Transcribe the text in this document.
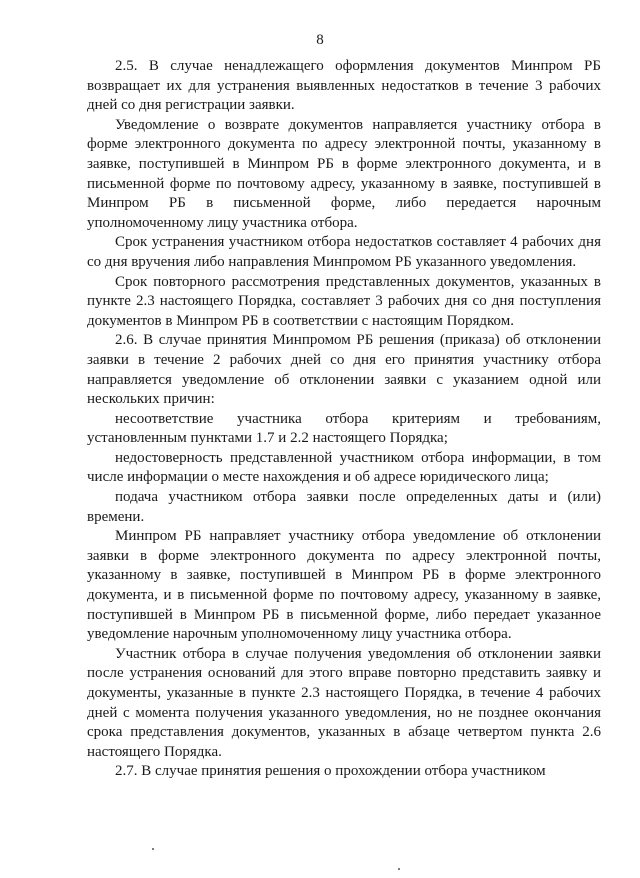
8

2.5. В случае ненадлежащего оформления документов Минпром РБ возвращает их для устранения выявленных недостатков в течение 3 рабочих дней со дня регистрации заявки.

Уведомление о возврате документов направляется участнику отбора в форме электронного документа по адресу электронной почты, указанному в заявке, поступившей в Минпром РБ в форме электронного документа, и в письменной форме по почтовому адресу, указанному в заявке, поступившей в Минпром РБ в письменной форме, либо передается нарочным уполномоченному лицу участника отбора.

Срок устранения участником отбора недостатков составляет 4 рабочих дня со дня вручения либо направления Минпромом РБ указанного уведомления.

Срок повторного рассмотрения представленных документов, указанных в пункте 2.3 настоящего Порядка, составляет 3 рабочих дня со дня поступления документов в Минпром РБ в соответствии с настоящим Порядком.

2.6. В случае принятия Минпромом РБ решения (приказа) об отклонении заявки в течение 2 рабочих дней со дня его принятия участнику отбора направляется уведомление об отклонении заявки с указанием одной или нескольких причин:

несоответствие участника отбора критериям и требованиям, установленным пунктами 1.7 и 2.2 настоящего Порядка;

недостоверность представленной участником отбора информации, в том числе информации о месте нахождения и об адресе юридического лица;

подача участником отбора заявки после определенных даты и (или) времени.

Минпром РБ направляет участнику отбора уведомление об отклонении заявки в форме электронного документа по адресу электронной почты, указанному в заявке, поступившей в Минпром РБ в форме электронного документа, и в письменной форме по почтовому адресу, указанному в заявке, поступившей в Минпром РБ в письменной форме, либо передает указанное уведомление нарочным уполномоченному лицу участника отбора.

Участник отбора в случае получения уведомления об отклонении заявки после устранения оснований для этого вправе повторно представить заявку и документы, указанные в пункте 2.3 настоящего Порядка, в течение 4 рабочих дней с момента получения указанного уведомления, но не позднее окончания срока представления документов, указанных в абзаце четвертом пункта 2.6 настоящего Порядка.

2.7. В случае принятия решения о прохождении отбора участником
